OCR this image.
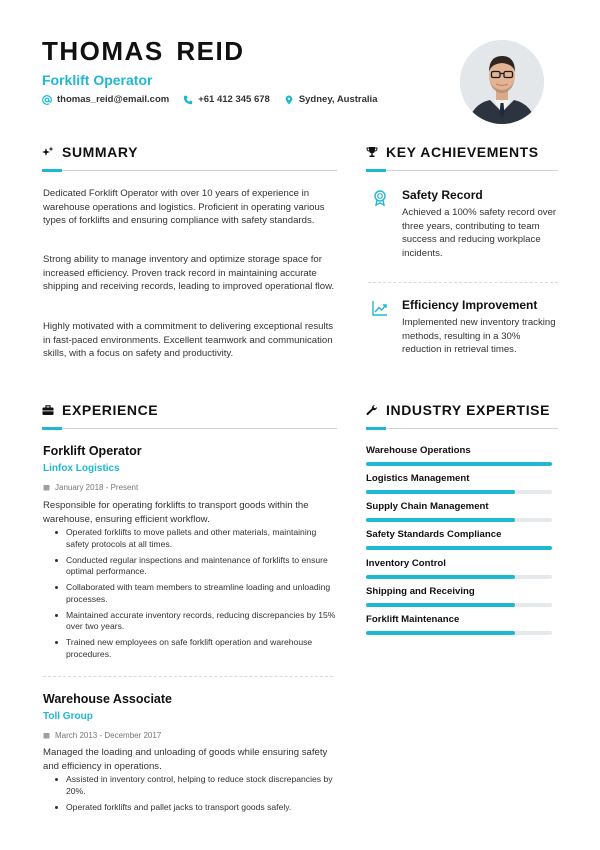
THOMAS REID
Forklift Operator
thomas_reid@email.com	+61 412 345 678	Sydney, Australia
SUMMARY
Dedicated Forklift Operator with over 10 years of experience in warehouse operations and logistics. Proficient in operating various types of forklifts and ensuring compliance with safety standards.
Strong ability to manage inventory and optimize storage space for increased efficiency. Proven track record in maintaining accurate shipping and receiving records, leading to improved operational flow.
Highly motivated with a commitment to delivering exceptional results in fast-paced environments. Excellent teamwork and communication skills, with a focus on safety and productivity.
KEY ACHIEVEMENTS
Safety Record
Achieved a 100% safety record over three years, contributing to team success and reducing workplace incidents.
Efficiency Improvement
Implemented new inventory tracking methods, resulting in a 30% reduction in retrieval times.
EXPERIENCE
Forklift Operator
Linfox Logistics
January 2018 - Present
Responsible for operating forklifts to transport goods within the warehouse, ensuring efficient workflow.
Operated forklifts to move pallets and other materials, maintaining safety protocols at all times.
Conducted regular inspections and maintenance of forklifts to ensure optimal performance.
Collaborated with team members to streamline loading and unloading processes.
Maintained accurate inventory records, reducing discrepancies by 15% over two years.
Trained new employees on safe forklift operation and warehouse procedures.
Warehouse Associate
Toll Group
March 2013 - December 2017
Managed the loading and unloading of goods while ensuring safety and efficiency in operations.
Assisted in inventory control, helping to reduce stock discrepancies by 20%.
Operated forklifts and pallet jacks to transport goods safely.
INDUSTRY EXPERTISE
Warehouse Operations
Logistics Management
Supply Chain Management
Safety Standards Compliance
Inventory Control
Shipping and Receiving
Forklift Maintenance
